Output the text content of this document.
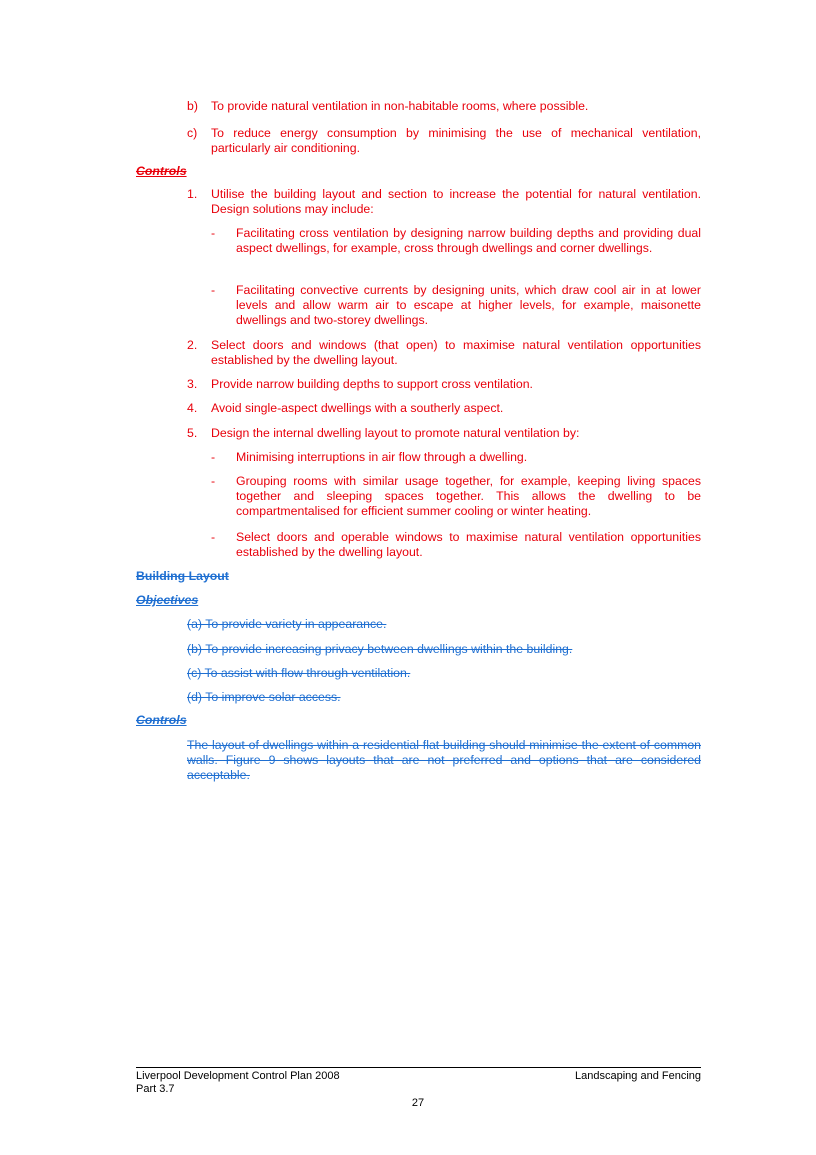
b) To provide natural ventilation in non-habitable rooms, where possible.
c) To reduce energy consumption by minimising the use of mechanical ventilation, particularly air conditioning.
Controls
1. Utilise the building layout and section to increase the potential for natural ventilation. Design solutions may include:
- Facilitating cross ventilation by designing narrow building depths and providing dual aspect dwellings, for example, cross through dwellings and corner dwellings.
- Facilitating convective currents by designing units, which draw cool air in at lower levels and allow warm air to escape at higher levels, for example, maisonette dwellings and two-storey dwellings.
2. Select doors and windows (that open) to maximise natural ventilation opportunities established by the dwelling layout.
3. Provide narrow building depths to support cross ventilation.
4. Avoid single-aspect dwellings with a southerly aspect.
5. Design the internal dwelling layout to promote natural ventilation by:
- Minimising interruptions in air flow through a dwelling.
- Grouping rooms with similar usage together, for example, keeping living spaces together and sleeping spaces together. This allows the dwelling to be compartmentalised for efficient summer cooling or winter heating.
- Select doors and operable windows to maximise natural ventilation opportunities established by the dwelling layout.
Building Layout
Objectives
(a) To provide variety in appearance.
(b) To provide increasing privacy between dwellings within the building.
(c) To assist with flow through ventilation.
(d) To improve solar access.
Controls
The layout of dwellings within a residential flat building should minimise the extent of common walls. Figure 9 shows layouts that are not preferred and options that are considered acceptable.
Liverpool Development Control Plan 2008
Part 3.7
Landscaping and Fencing
27
